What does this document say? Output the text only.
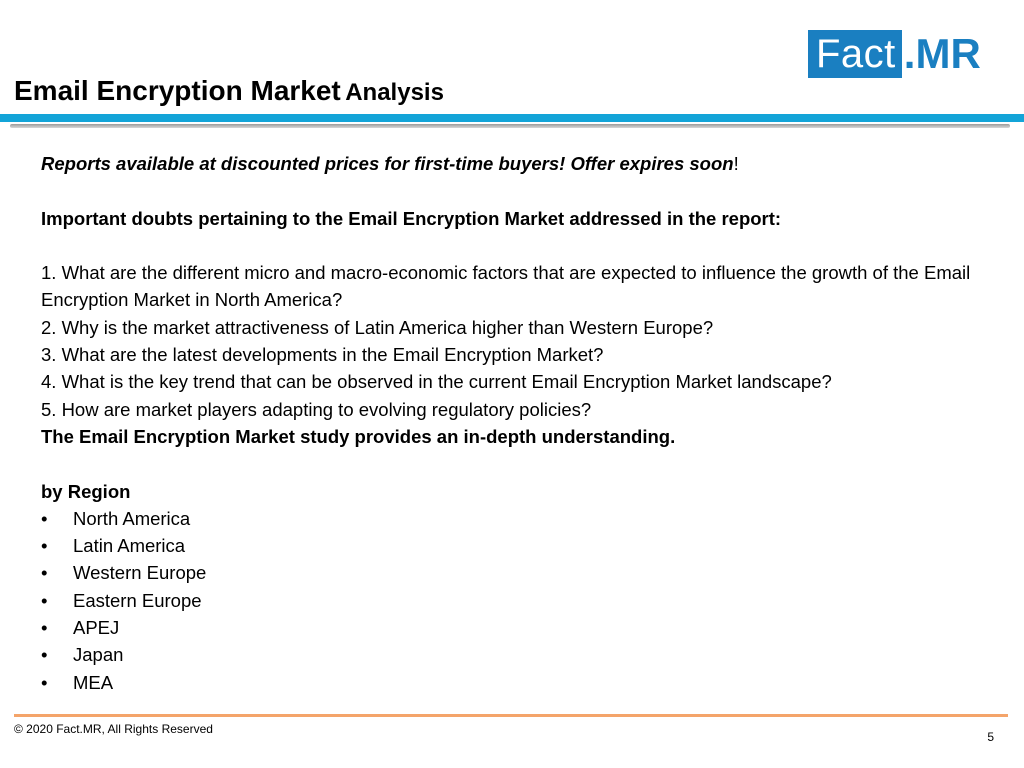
Fact .MR
Email Encryption Market Analysis

Reports available at discounted prices for first-time buyers! Offer expires soon!

Important doubts pertaining to the Email Encryption Market addressed in the report:

1. What are the different micro and macro-economic factors that are expected to influence the growth of the Email Encryption Market in North America?

2. Why is the market attractiveness of Latin America higher than Western Europe?

3. What are the latest developments in the Email Encryption Market?

4. What is the key trend that can be observed in the current Email Encryption Market landscape?

5. How are market players adapting to evolving regulatory policies?

The Email Encryption Market study provides an in-depth understanding.

by Region

•	North America
•	Latin America
•	Western Europe
•	Eastern Europe
•	APEJ
•	Japan
•	MEA
© 2020 Fact.MR, All Rights Reserved
5
